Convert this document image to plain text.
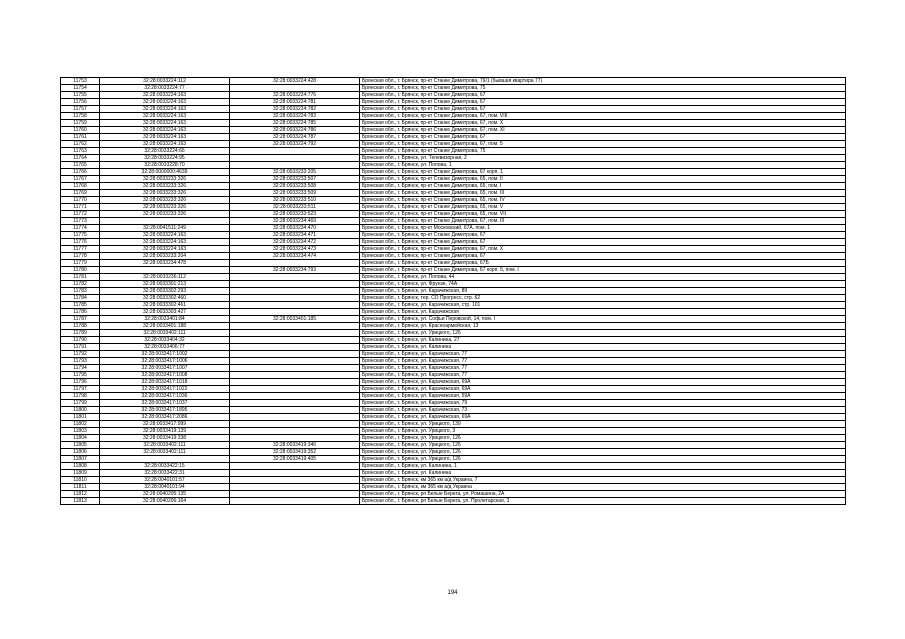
11753	32:28:0033224:112	32:28:0033224:428	Брянская обл., г. Брянск, пр-кт Станке Димитрова, 79/1 (бывшая квартира 77)
11754	32:28:0033224:77		Брянская обл., г. Брянск, пр-кт Станке Димитрова, 75
11755	32:28:0033224:163	32:28:0033224:776	Брянская обл., г. Брянск, пр-кт Станке Димитрова, 67
11756	32:28:0033224:163	32:28:0033224:781	Брянская обл., г. Брянск, пр-кт Станке Димитрова, 67
11757	32:28:0033224:163	32:28:0033224:782	Брянская обл., г. Брянск, пр-кт Станке Димитрова, 67
11758	32:28:0033224:163	32:28:0033224:783	Брянская обл., г. Брянск, пр-кт Станке Димитрова, 67, пом. VIII
11759	32:28:0033224:163	32:28:0033224:785	Брянская обл., г. Брянск, пр-кт Станке Димитрова, 67, пом. X
11760	32:28:0033224:163	32:28:0033224:786	Брянская обл., г. Брянск, пр-кт Станке Димитрова, 67, пом. XI
11761	32:28:0033224:163	32:28:0033224:787	Брянская обл., г. Брянск, пр-кт Станке Димитрова, 67
11762	32:28:0033224:163	32:28:0033224:792	Брянская обл., г. Брянск, пр-кт Станке Димитрова, 67, пом. 5
11763	32:28:0033224:66		Брянская обл., г. Брянск, пр-кт Станке Димитрова, 75
11764	32:28:0033224:95		Брянская обл., г. Брянск, ул. Телевизорная, 2
11765	32:28:0033228:70		Брянская обл., г. Брянск, ул. Попова, 1
11766	32:28:0000000:4639	32:28:0033233:205	Брянская обл., г. Брянск, пр-кт Станке Димитрова, 67 корп. 1
11767	32:28:0033233:326	32:28:0033233:507	Брянская обл., г. Брянск, пр-кт Станке Димитрова, 65, пом. II
11768	32:28:0033233:326	32:28:0033233:508	Брянская обл., г. Брянск, пр-кт Станке Димитрова, 65, пом. I
11769	32:28:0033233:326	32:28:0033233:509	Брянская обл., г. Брянск, пр-кт Станке Димитрова, 65, пом. III
11770	32:28:0033233:326	32:28:0033233:510	Брянская обл., г. Брянск, пр-кт Станке Димитрова, 65, пом. IV
11771	32:28:0033233:326	32:28:0033233:511	Брянская обл., г. Брянск, пр-кт Станке Димитрова, 65, пом. V
11772	32:28:0033233:326	32:28:0033233:523	Брянская обл., г. Брянск, пр-кт Станке Димитрова, 65, пом. VII
11773		32:28:0033234:469	Брянская обл., г. Брянск, пр-кт Станке Димитрова, 67, пом. III
11774	32:28:0041511:249	32:28:0033234:470	Брянская обл., г. Брянск, пр-кт Московский, 67А, пом. 1
11775	32:28:0033224:163	32:28:0033234:471	Брянская обл., г. Брянск, пр-кт Станке Димитрова, 67
11776	32:28:0033224:163	32:28:0033234:472	Брянская обл., г. Брянск, пр-кт Станке Димитрова, 67
11777	32:28:0033224:163	32:28:0033234:473	Брянская обл., г. Брянск, пр-кт Станке Димитрова, 67, пом. X
11778	32:28:0033233:204	32:28:0033234:474	Брянская обл., г. Брянск, пр-кт Станке Димитрова, 67
11779	32:28:0033234:478		Брянская обл., г. Брянск, пр-кт Станке Димитрова, 67Б
11780		32:28:0033234:793	Брянская обл., г. Брянск, пр-кт Станке Димитрова, 67 корп. 5, пом. I
11781	32:28:0033236:112		Брянская обл., г. Брянск, ул. Попова, 44
11782	32:28:0033301:213		Брянская обл., г. Брянск, ул. Фрунзе, 74А
11783	32:28:0033302:293		Брянская обл., г. Брянск, ул. Карачижская, 89
11784	32:28:0033302:460		Брянская обл., г. Брянск, тер. СО Прогресс, стр. 62
11785	32:28:0033302:461		Брянская обл., г. Брянск, ул. Карачижская, стр. 101
11786	32:28:0033303:427		Брянская обл., г. Брянск, ул. Карачижская
11787	32:28:0033401:84	32:28:0033401:185	Брянская обл., г. Брянск, ул. Софьи Перовской, 14, пом. I
11788	32:28:0033401:188		Брянская обл., г. Брянск, ул. Красноармейская, 13
11789	32:28:0033402:111		Брянская обл., г. Брянск, ул. Урицкого, 126
11790	32:28:0033404:32		Брянская обл., г. Брянск, ул. Калинина, 27
11791	32:28:0033406:77		Брянская обл., г. Брянск, ул. Калинина
11792	32:28:0033417:1002		Брянская обл., г. Брянск, ул. Карачижская, 77
11793	32:28:0033417:1006		Брянская обл., г. Брянск, ул. Карачижская, 77
11794	32:28:0033417:1007		Брянская обл., г. Брянск, ул. Карачижская, 77
11795	32:28:0033417:1008		Брянская обл., г. Брянск, ул. Карачижская, 77
11796	32:28:0033417:1018		Брянская обл., г. Брянск, ул. Карачижская, 69А
11797	32:28:0033417:1022		Брянская обл., г. Брянск, ул. Карачижская, 69А
11798	32:28:0033417:1036		Брянская обл., г. Брянск, ул. Карачижская, 59А
11799	32:28:0033417:1037		Брянская обл., г. Брянск, ул. Карачижская, 79
11800	32:28:0033417:1895		Брянская обл., г. Брянск, ул. Карачижская, 73
11801	32:28:0033417:2086		Брянская обл., г. Брянск, ул. Карачижская, 69А
11802	32:28:0033417:999		Брянская обл., г. Брянск, ул. Урицкого, 139
11803	32:28:0033419:139		Брянская обл., г. Брянск, ул. Урицкого, 3
11804	32:28:0033419:338		Брянская обл., г. Брянск, ул. Урицкого, 126
11805	32:28:0033402:111	32:28:0033419:346	Брянская обл., г. Брянск, ул. Урицкого, 126
11806	32:28:0033402:111	32:28:0033419:352	Брянская обл., г. Брянск, ул. Урицкого, 126
11807		32:28:0033419:405	Брянская обл., г. Брянск, ул. Урицкого, 126
11808	32:28:0033422:15		Брянская обл., г. Брянск, ул. Калинина, 1
11809	32:28:0033422:31		Брянская обл., г. Брянск, ул. Калинина
11810	32:28:0040101:57		Брянская обл., г. Брянск, км 365 км а/д Украина, 7
11811	32:28:0040101:94		Брянская обл., г. Брянск, км 365 км а/д Украина
11812	32:28:0040205:135		Брянская обл., г. Брянск, рп Белые Берега, ул. Ромашина, 2А
11813	32:28:0040206:164		Брянская обл., г. Брянск, рп Белые Берега, ул. Пролетарская, 3
194
